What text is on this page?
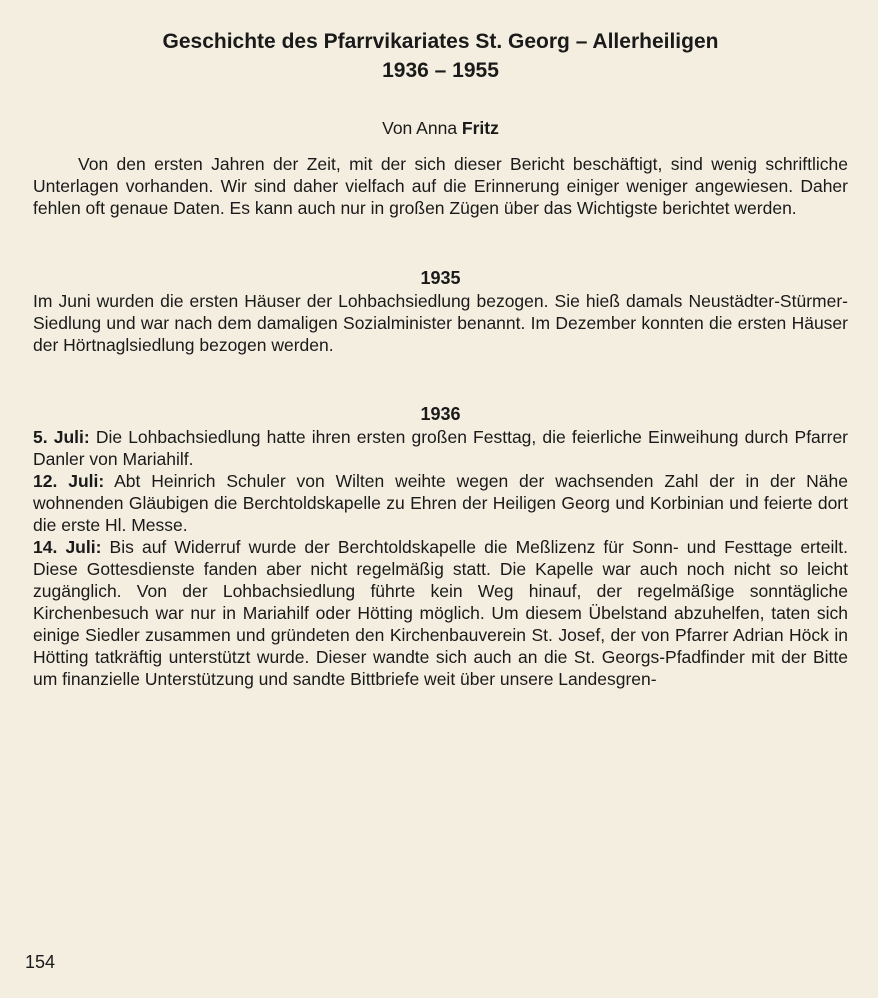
Geschichte des Pfarrvikariates St. Georg – Allerheiligen
1936 – 1955
Von Anna Fritz

Von den ersten Jahren der Zeit, mit der sich dieser Bericht beschäftigt, sind wenig schriftliche Unterlagen vorhanden. Wir sind daher vielfach auf die Erinnerung einiger weniger angewiesen. Daher fehlen oft genaue Daten. Es kann auch nur in großen Zügen über das Wichtigste berichtet werden.

1935

Im Juni wurden die ersten Häuser der Lohbachsiedlung bezogen. Sie hieß damals Neustädter-Stürmer-Siedlung und war nach dem damaligen Sozialminister benannt. Im Dezember konnten die ersten Häuser der Hörtnaglsiedlung bezogen werden.

1936

5. Juli: Die Lohbachsiedlung hatte ihren ersten großen Festtag, die feierliche Einweihung durch Pfarrer Danler von Mariahilf.

12. Juli: Abt Heinrich Schuler von Wilten weihte wegen der wachsenden Zahl der in der Nähe wohnenden Gläubigen die Berchtoldskapelle zu Ehren der Heiligen Georg und Korbinian und feierte dort die erste Hl. Messe.

14. Juli: Bis auf Widerruf wurde der Berchtoldskapelle die Meßlizenz für Sonn- und Festtage erteilt. Diese Gottesdienste fanden aber nicht regelmäßig statt. Die Kapelle war auch noch nicht so leicht zugänglich. Von der Lohbachsiedlung führte kein Weg hinauf, der regelmäßige sonntägliche Kirchenbesuch war nur in Mariahilf oder Hötting möglich. Um diesem Übelstand abzuhelfen, taten sich einige Siedler zusammen und gründeten den Kirchenbauverein St. Josef, der von Pfarrer Adrian Höck in Hötting tatkräftig unterstützt wurde. Dieser wandte sich auch an die St. Georgs-Pfadfinder mit der Bitte um finanzielle Unterstützung und sandte Bittbriefe weit über unsere Landesgren-

154
